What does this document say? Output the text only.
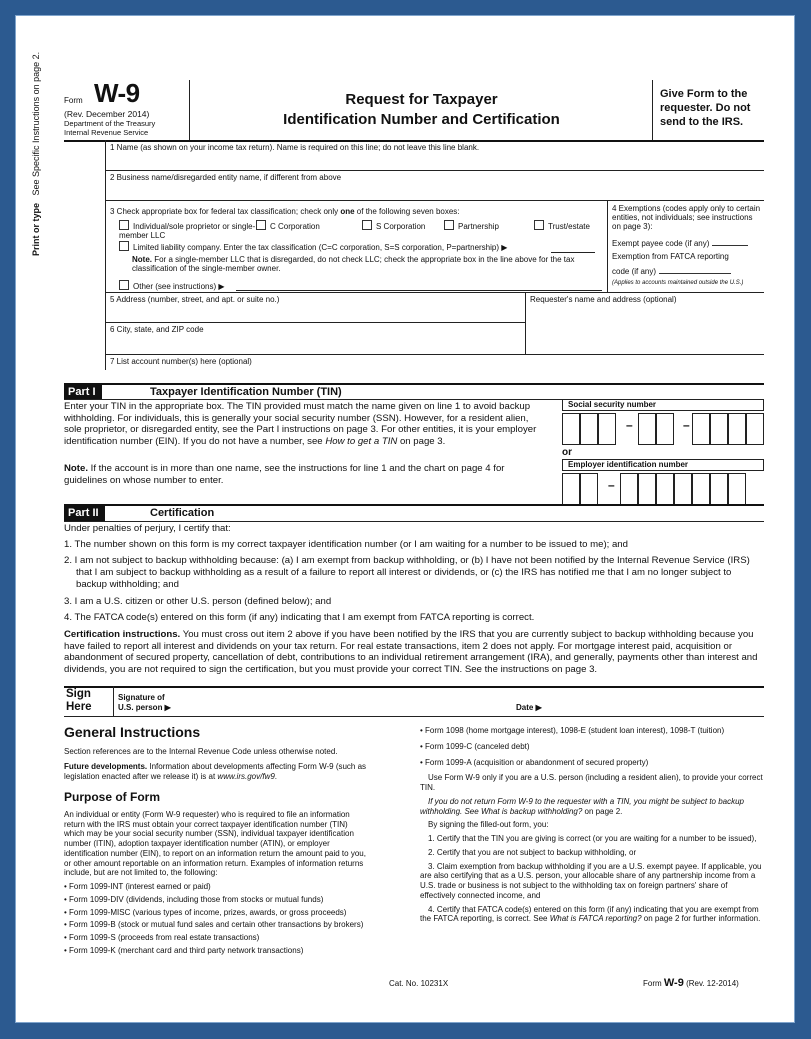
Form W-9
(Rev. December 2014)
Department of the Treasury
Internal Revenue Service
Request for Taxpayer
Identification Number and Certification
Give Form to the requester. Do not send to the IRS.
Print or type   See Specific Instructions on page 2.	1 Name (as shown on your income tax return). Name is required on this line; do not leave this line blank.
2 Business name/disregarded entity name, if different from above
3 Check appropriate box for federal tax classification; check only one of the following seven boxes:
Individual/sole proprietor or single-member LLC
C Corporation	S Corporation	Partnership	Trust/estate
Limited liability company. Enter the tax classification (C=C corporation, S=S corporation, P=partnership) ▶
Note. For a single-member LLC that is disregarded, do not check LLC; check the appropriate box in the line above for the tax classification of the single-member owner.
Other (see instructions) ▶
4 Exemptions (codes apply only to certain entities, not individuals; see instructions on page 3):
Exempt payee code (if any)
Exemption from FATCA reporting
code (if any)
(Applies to accounts maintained outside the U.S.)
5 Address (number, street, and apt. or suite no.)	Requester's name and address (optional)
6 City, state, and ZIP code
7 List account number(s) here (optional)
Part I	Taxpayer Identification Number (TIN)
Enter your TIN in the appropriate box. The TIN provided must match the name given on line 1 to avoid backup withholding. For individuals, this is generally your social security number (SSN). However, for a resident alien, sole proprietor, or disregarded entity, see the Part I instructions on page 3. For other entities, it is your employer identification number (EIN). If you do not have a number, see How to get a TIN on page 3.
Note. If the account is in more than one name, see the instructions for line 1 and the chart on page 4 for guidelines on whose number to enter.
Social security number
or
Employer identification number
–	–
–
Part II	Certification

Under penalties of perjury, I certify that:

1. The number shown on this form is my correct taxpayer identification number (or I am waiting for a number to be issued to me); and

2. I am not subject to backup withholding because: (a) I am exempt from backup withholding, or (b) I have not been notified by the Internal Revenue Service (IRS) that I am subject to backup withholding as a result of a failure to report all interest or dividends, or (c) the IRS has notified me that I am no longer subject to backup withholding; and

3. I am a U.S. citizen or other U.S. person (defined below); and

4. The FATCA code(s) entered on this form (if any) indicating that I am exempt from FATCA reporting is correct.

Certification instructions. You must cross out item 2 above if you have been notified by the IRS that you are currently subject to backup withholding because you have failed to report all interest and dividends on your tax return. For real estate transactions, item 2 does not apply. For mortgage interest paid, acquisition or abandonment of secured property, cancellation of debt, contributions to an individual retirement arrangement (IRA), and generally, payments other than interest and dividends, you are not required to sign the certification, but you must provide your correct TIN. See the instructions on page 3.

Sign
Here
Signature of
U.S. person ▶	Date ▶
General Instructions

Section references are to the Internal Revenue Code unless otherwise noted.

Future developments. Information about developments affecting Form W-9 (such as legislation enacted after we release it) is at www.irs.gov/fw9.

Purpose of Form

An individual or entity (Form W-9 requester) who is required to file an information return with the IRS must obtain your correct taxpayer identification number (TIN) which may be your social security number (SSN), individual taxpayer identification number (ITIN), adoption taxpayer identification number (ATIN), or employer identification number (EIN), to report on an information return the amount paid to you, or other amount reportable on an information return. Examples of information returns include, but are not limited to, the following:

• Form 1099-INT (interest earned or paid)
• Form 1099-DIV (dividends, including those from stocks or mutual funds)
• Form 1099-MISC (various types of income, prizes, awards, or gross proceeds)
• Form 1099-B (stock or mutual fund sales and certain other transactions by brokers)
• Form 1099-S (proceeds from real estate transactions)
• Form 1099-K (merchant card and third party network transactions)
• Form 1098 (home mortgage interest), 1098-E (student loan interest), 1098-T (tuition)
• Form 1099-C (canceled debt)
• Form 1099-A (acquisition or abandonment of secured property)

Use Form W-9 only if you are a U.S. person (including a resident alien), to provide your correct TIN.

If you do not return Form W-9 to the requester with a TIN, you might be subject to backup withholding. See What is backup withholding? on page 2.

By signing the filled-out form, you:

1. Certify that the TIN you are giving is correct (or you are waiting for a number to be issued),

2. Certify that you are not subject to backup withholding, or

3. Claim exemption from backup withholding if you are a U.S. exempt payee. If applicable, you are also certifying that as a U.S. person, your allocable share of any partnership income from a U.S. trade or business is not subject to the withholding tax on foreign partners' share of effectively connected income, and

4. Certify that FATCA code(s) entered on this form (if any) indicating that you are exempt from the FATCA reporting, is correct. See What is FATCA reporting? on page 2 for further information.

Cat. No. 10231X	Form W-9 (Rev. 12-2014)
